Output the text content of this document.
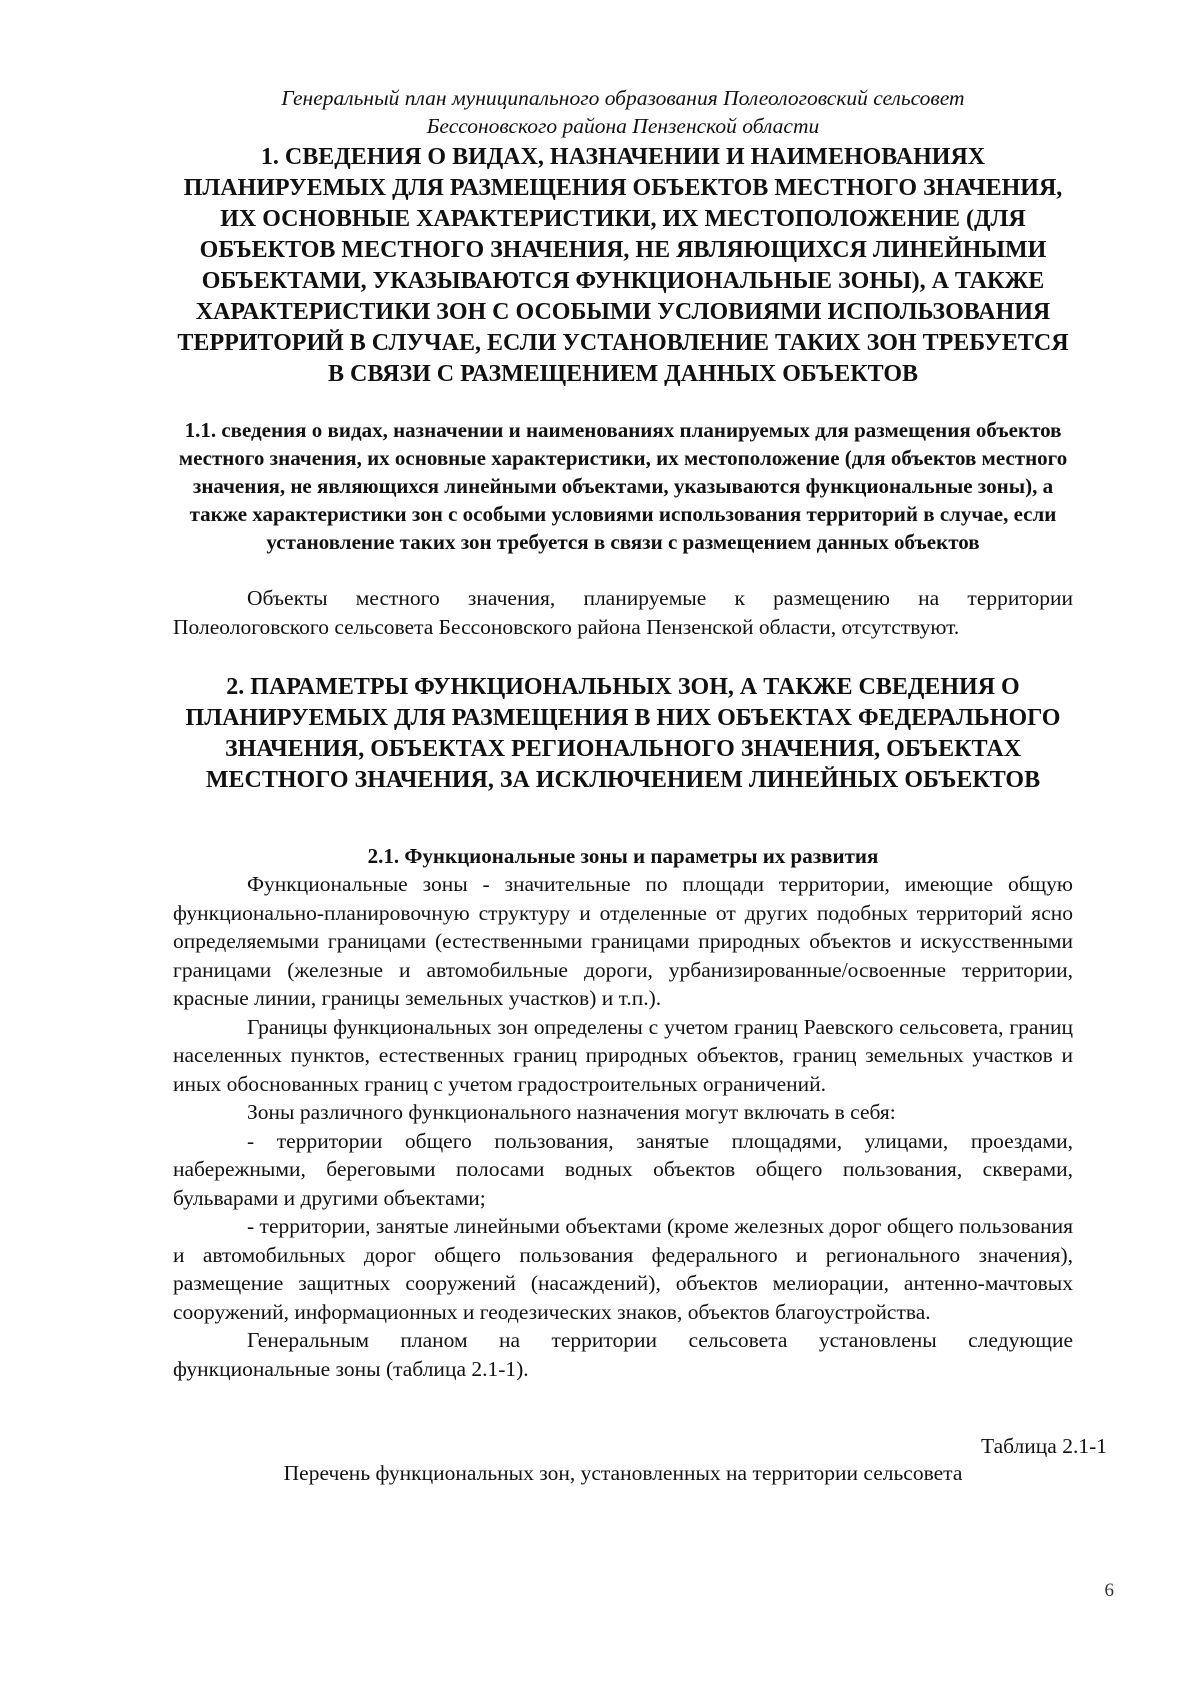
Генеральный план муниципального образования Полеологовский сельсовет
Бессоновского района Пензенской области
1. СВЕДЕНИЯ О ВИДАХ, НАЗНАЧЕНИИ И НАИМЕНОВАНИЯХ ПЛАНИРУЕМЫХ ДЛЯ РАЗМЕЩЕНИЯ ОБЪЕКТОВ МЕСТНОГО ЗНАЧЕНИЯ, ИХ ОСНОВНЫЕ ХАРАКТЕРИСТИКИ, ИХ МЕСТОПОЛОЖЕНИЕ (ДЛЯ ОБЪЕКТОВ МЕСТНОГО ЗНАЧЕНИЯ, НЕ ЯВЛЯЮЩИХСЯ ЛИНЕЙНЫМИ ОБЪЕКТАМИ, УКАЗЫВАЮТСЯ ФУНКЦИОНАЛЬНЫЕ ЗОНЫ), А ТАКЖЕ ХАРАКТЕРИСТИКИ ЗОН С ОСОБЫМИ УСЛОВИЯМИ ИСПОЛЬЗОВАНИЯ ТЕРРИТОРИЙ В СЛУЧАЕ, ЕСЛИ УСТАНОВЛЕНИЕ ТАКИХ ЗОН ТРЕБУЕТСЯ В СВЯЗИ С РАЗМЕЩЕНИЕМ ДАННЫХ ОБЪЕКТОВ
1.1. сведения о видах, назначении и наименованиях планируемых для размещения объектов местного значения, их основные характеристики, их местоположение (для объектов местного значения, не являющихся линейными объектами, указываются функциональные зоны), а также характеристики зон с особыми условиями использования территорий в случае, если установление таких зон требуется в связи с размещением данных объектов

Объекты местного значения, планируемые к размещению на территории Полеологовского сельсовета Бессоновского района Пензенской области, отсутствуют.

2. ПАРАМЕТРЫ ФУНКЦИОНАЛЬНЫХ ЗОН, А ТАКЖЕ СВЕДЕНИЯ О ПЛАНИРУЕМЫХ ДЛЯ РАЗМЕЩЕНИЯ В НИХ ОБЪЕКТАХ ФЕДЕРАЛЬНОГО ЗНАЧЕНИЯ, ОБЪЕКТАХ РЕГИОНАЛЬНОГО ЗНАЧЕНИЯ, ОБЪЕКТАХ МЕСТНОГО ЗНАЧЕНИЯ, ЗА ИСКЛЮЧЕНИЕМ ЛИНЕЙНЫХ ОБЪЕКТОВ
2.1. Функциональные зоны и параметры их развития

Функциональные зоны - значительные по площади территории, имеющие общую функционально-планировочную структуру и отделенные от других подобных территорий ясно определяемыми границами (естественными границами природных объектов и искусственными границами (железные и автомобильные дороги, урбанизированные/освоенные территории, красные линии, границы земельных участков) и т.п.).

Границы функциональных зон определены с учетом границ Раевского сельсовета, границ населенных пунктов, естественных границ природных объектов, границ земельных участков и иных обоснованных границ с учетом градостроительных ограничений.

Зоны различного функционального назначения могут включать в себя:

- территории общего пользования, занятые площадями, улицами, проездами, набережными, береговыми полосами водных объектов общего пользования, скверами, бульварами и другими объектами;

- территории, занятые линейными объектами (кроме железных дорог общего пользования и автомобильных дорог общего пользования федерального и регионального значения), размещение защитных сооружений (насаждений), объектов мелиорации, антенно-мачтовых сооружений, информационных и геодезических знаков, объектов благоустройства.

Генеральным планом на территории сельсовета установлены следующие функциональные зоны (таблица 2.1-1).

Таблица 2.1-1
Перечень функциональных зон, установленных на территории сельсовета
6
